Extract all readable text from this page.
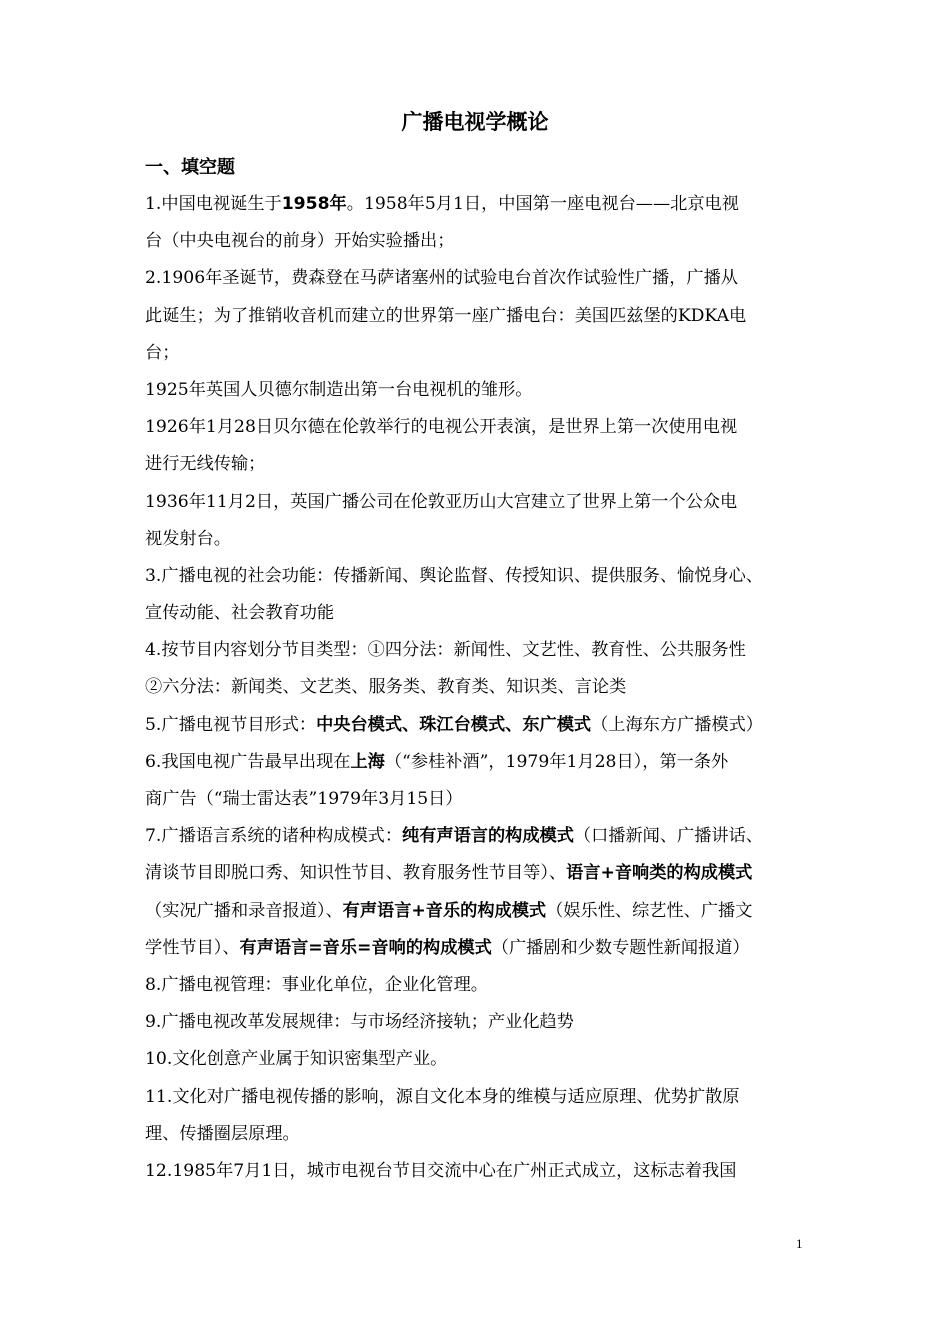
广播电视学概论
一、填空题
1.中国电视诞生于1958年。1958年5月1日，中国第一座电视台——北京电视
台（中央电视台的前身）开始实验播出；
2.1906年圣诞节，费森登在马萨诸塞州的试验电台首次作试验性广播，广播从
此诞生；为了推销收音机而建立的世界第一座广播电台：美国匹兹堡的KDKA电
台；
1925年英国人贝德尔制造出第一台电视机的雏形。
1926年1月28日贝尔德在伦敦举行的电视公开表演，是世界上第一次使用电视
进行无线传输；
1936年11月2日，英国广播公司在伦敦亚历山大宫建立了世界上第一个公众电
视发射台。
3.广播电视的社会功能：传播新闻、舆论监督、传授知识、提供服务、愉悦身心、
宣传动能、社会教育功能
4.按节目内容划分节目类型：①四分法：新闻性、文艺性、教育性、公共服务性
②六分法：新闻类、文艺类、服务类、教育类、知识类、言论类
5.广播电视节目形式：中央台模式、珠江台模式、东广模式（上海东方广播模式）
6.我国电视广告最早出现在上海（“参桂补酒”，1979年1月28日），第一条外
商广告（“瑞士雷达表”1979年3月15日）
7.广播语言系统的诸种构成模式：纯有声语言的构成模式（口播新闻、广播讲话、
清谈节目即脱口秀、知识性节目、教育服务性节目等）、语言+音响类的构成模式
（实况广播和录音报道）、有声语言+音乐的构成模式（娱乐性、综艺性、广播文
学性节目）、有声语言=音乐=音响的构成模式（广播剧和少数专题性新闻报道）
8.广播电视管理：事业化单位，企业化管理。
9.广播电视改革发展规律：与市场经济接轨；产业化趋势
10.文化创意产业属于知识密集型产业。
11.文化对广播电视传播的影响，源自文化本身的维模与适应原理、优势扩散原
理、传播圈层原理。
12.1985年7月1日，城市电视台节目交流中心在广州正式成立，这标志着我国
1
